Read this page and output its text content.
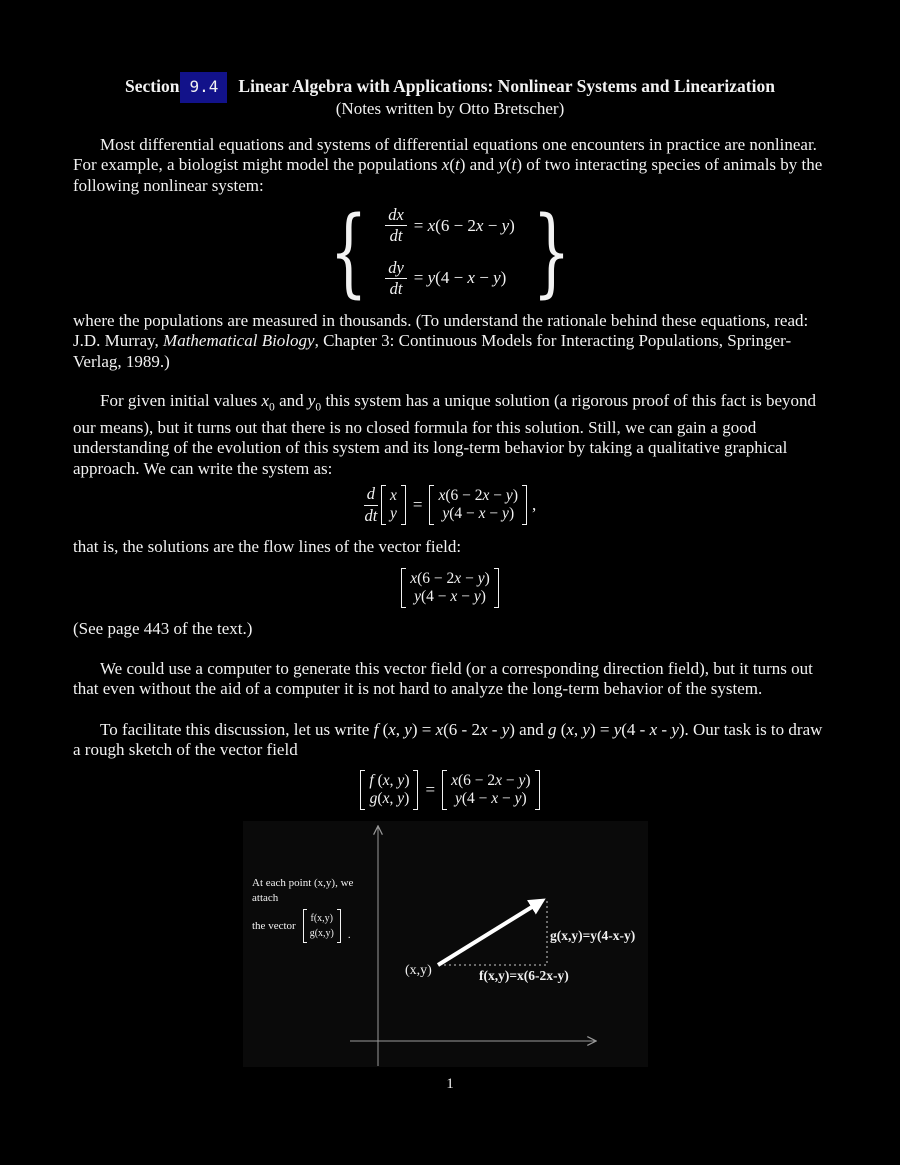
Section 9.4 Linear Algebra with Applications: Nonlinear Systems and Linearization
(Notes written by Otto Bretscher)
Most differential equations and systems of differential equations one encounters in practice are nonlinear. For example, a biologist might model the populations x(t) and y(t) of two interacting species of animals by the following nonlinear system:
{ $\frac{dx}{dt} = x(6 - 2x - y)$
$\frac{dy}{dt} = y(4 - x - y)$ }
where the populations are measured in thousands. (To understand the rationale behind these equations, read: J.D. Murray, Mathematical Biology, Chapter 3: Continuous Models for Interacting Populations, Springer-Verlag, 1989.)
For given initial values $x_0$ and $y_0$ this system has a unique solution (a rigorous proof of this fact is beyond our means), but it turns out that there is no closed formula for this solution. Still, we can gain a good understanding of the evolution of this system and its long-term behavior by taking a qualitative graphical approach. We can write the system as:
$\frac{d}{dt}$ x
y = x(6 − 2x − y)
y(4 − x − y) ,
that is, the solutions are the flow lines of the vector field:
x(6 − 2x − y)
y(4 − x − y)
(See page 443 of the text.)
We could use a computer to generate this vector field (or a corresponding direction field), but it turns out that even without the aid of a computer it is not hard to analyze the long-term behavior of the system.
To facilitate this discussion, let us write f (x, y) = x(6 - 2x - y) and g (x, y) = y(4 - x - y). Our task is to draw a rough sketch of the vector field
f (x, y)
g(x, y) = x(6 − 2x − y)
y(4 − x − y)
At each point (x,y), we attach
the vector
f(x,y)
g(x,y) .
(x,y)	f(x,y)=x(6-2x-y)
g(x,y)=y(4-x-y)
1
